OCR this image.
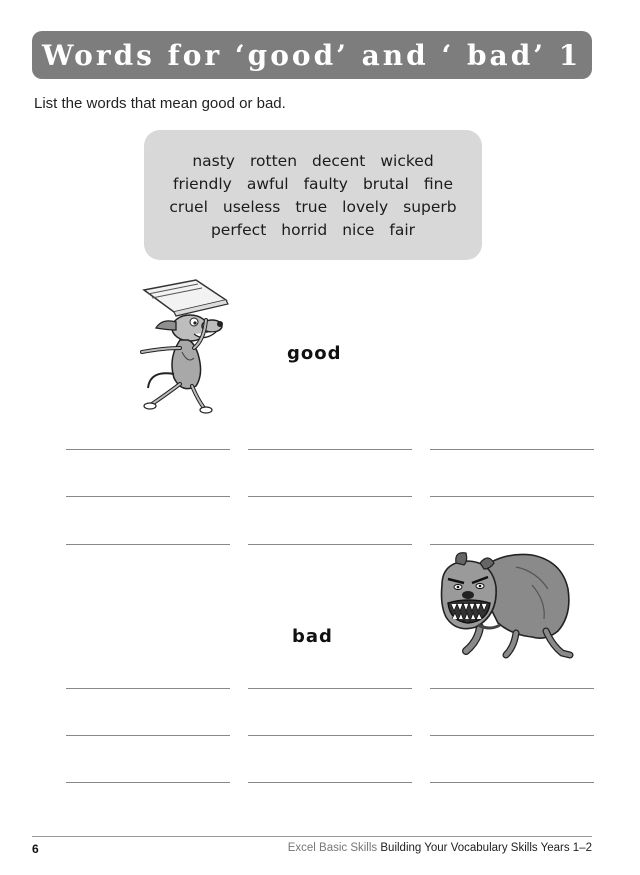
Words for ‘good’ and ‘ bad’ 1
List the words that mean good or bad.
nasty rotten decent wicked
friendly awful faulty brutal fine
cruel useless true lovely superb
perfect horrid nice fair
good
bad
6	Excel Basic Skills Building Your Vocabulary Skills Years 1–2
